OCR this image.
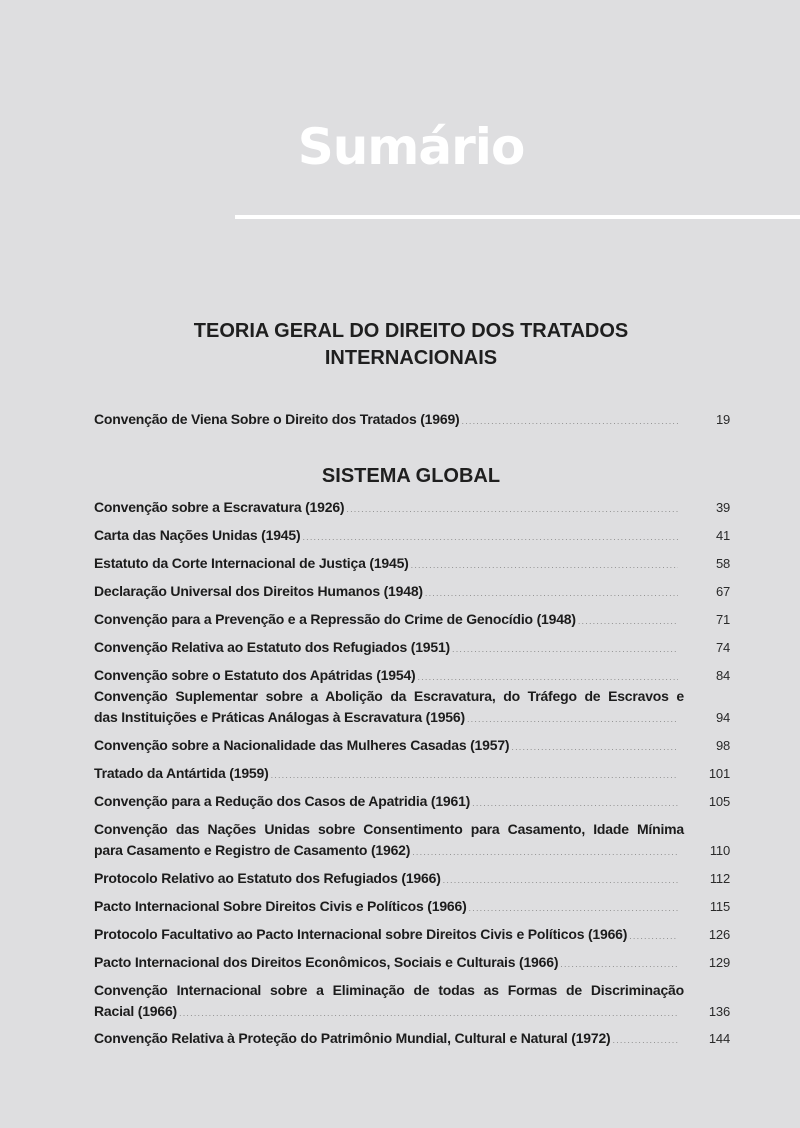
Sumário
TEORIA GERAL DO DIREITO DOS TRATADOS
INTERNACIONAIS
Convenção de Viena Sobre o Direito dos Tratados (1969) .....	19
SISTEMA GLOBAL
Convenção sobre a Escravatura (1926) .....	39
Carta das Nações Unidas (1945) .....	41
Estatuto da Corte Internacional de Justiça (1945) .....	58
Declaração Universal dos Direitos Humanos (1948) .....	67
Convenção para a Prevenção e a Repressão do Crime de Genocídio (1948) .....	71
Convenção Relativa ao Estatuto dos Refugiados (1951) .....	74
Convenção sobre o Estatuto dos Apátridas (1954) .....	84
Convenção Suplementar sobre a Abolição da Escravatura, do Tráfego de Escravos e
das Instituições e Práticas Análogas à Escravatura (1956) .....	94
Convenção sobre a Nacionalidade das Mulheres Casadas (1957) .....	98
Tratado da Antártida (1959) .....	101
Convenção para a Redução dos Casos de Apatridia (1961) .....	105
Convenção das Nações Unidas sobre Consentimento para Casamento, Idade Mínima
para Casamento e Registro de Casamento (1962) .....	110
Protocolo Relativo ao Estatuto dos Refugiados (1966) .....	112
Pacto Internacional Sobre Direitos Civis e Políticos (1966) .....	115
Protocolo Facultativo ao Pacto Internacional sobre Direitos Civis e Políticos (1966) .....	126
Pacto Internacional dos Direitos Econômicos, Sociais e Culturais (1966) .....	129
Convenção Internacional sobre a Eliminação de todas as Formas de Discriminação
Racial (1966) .....	136
Convenção Relativa à Proteção do Patrimônio Mundial, Cultural e Natural (1972) .....	144
